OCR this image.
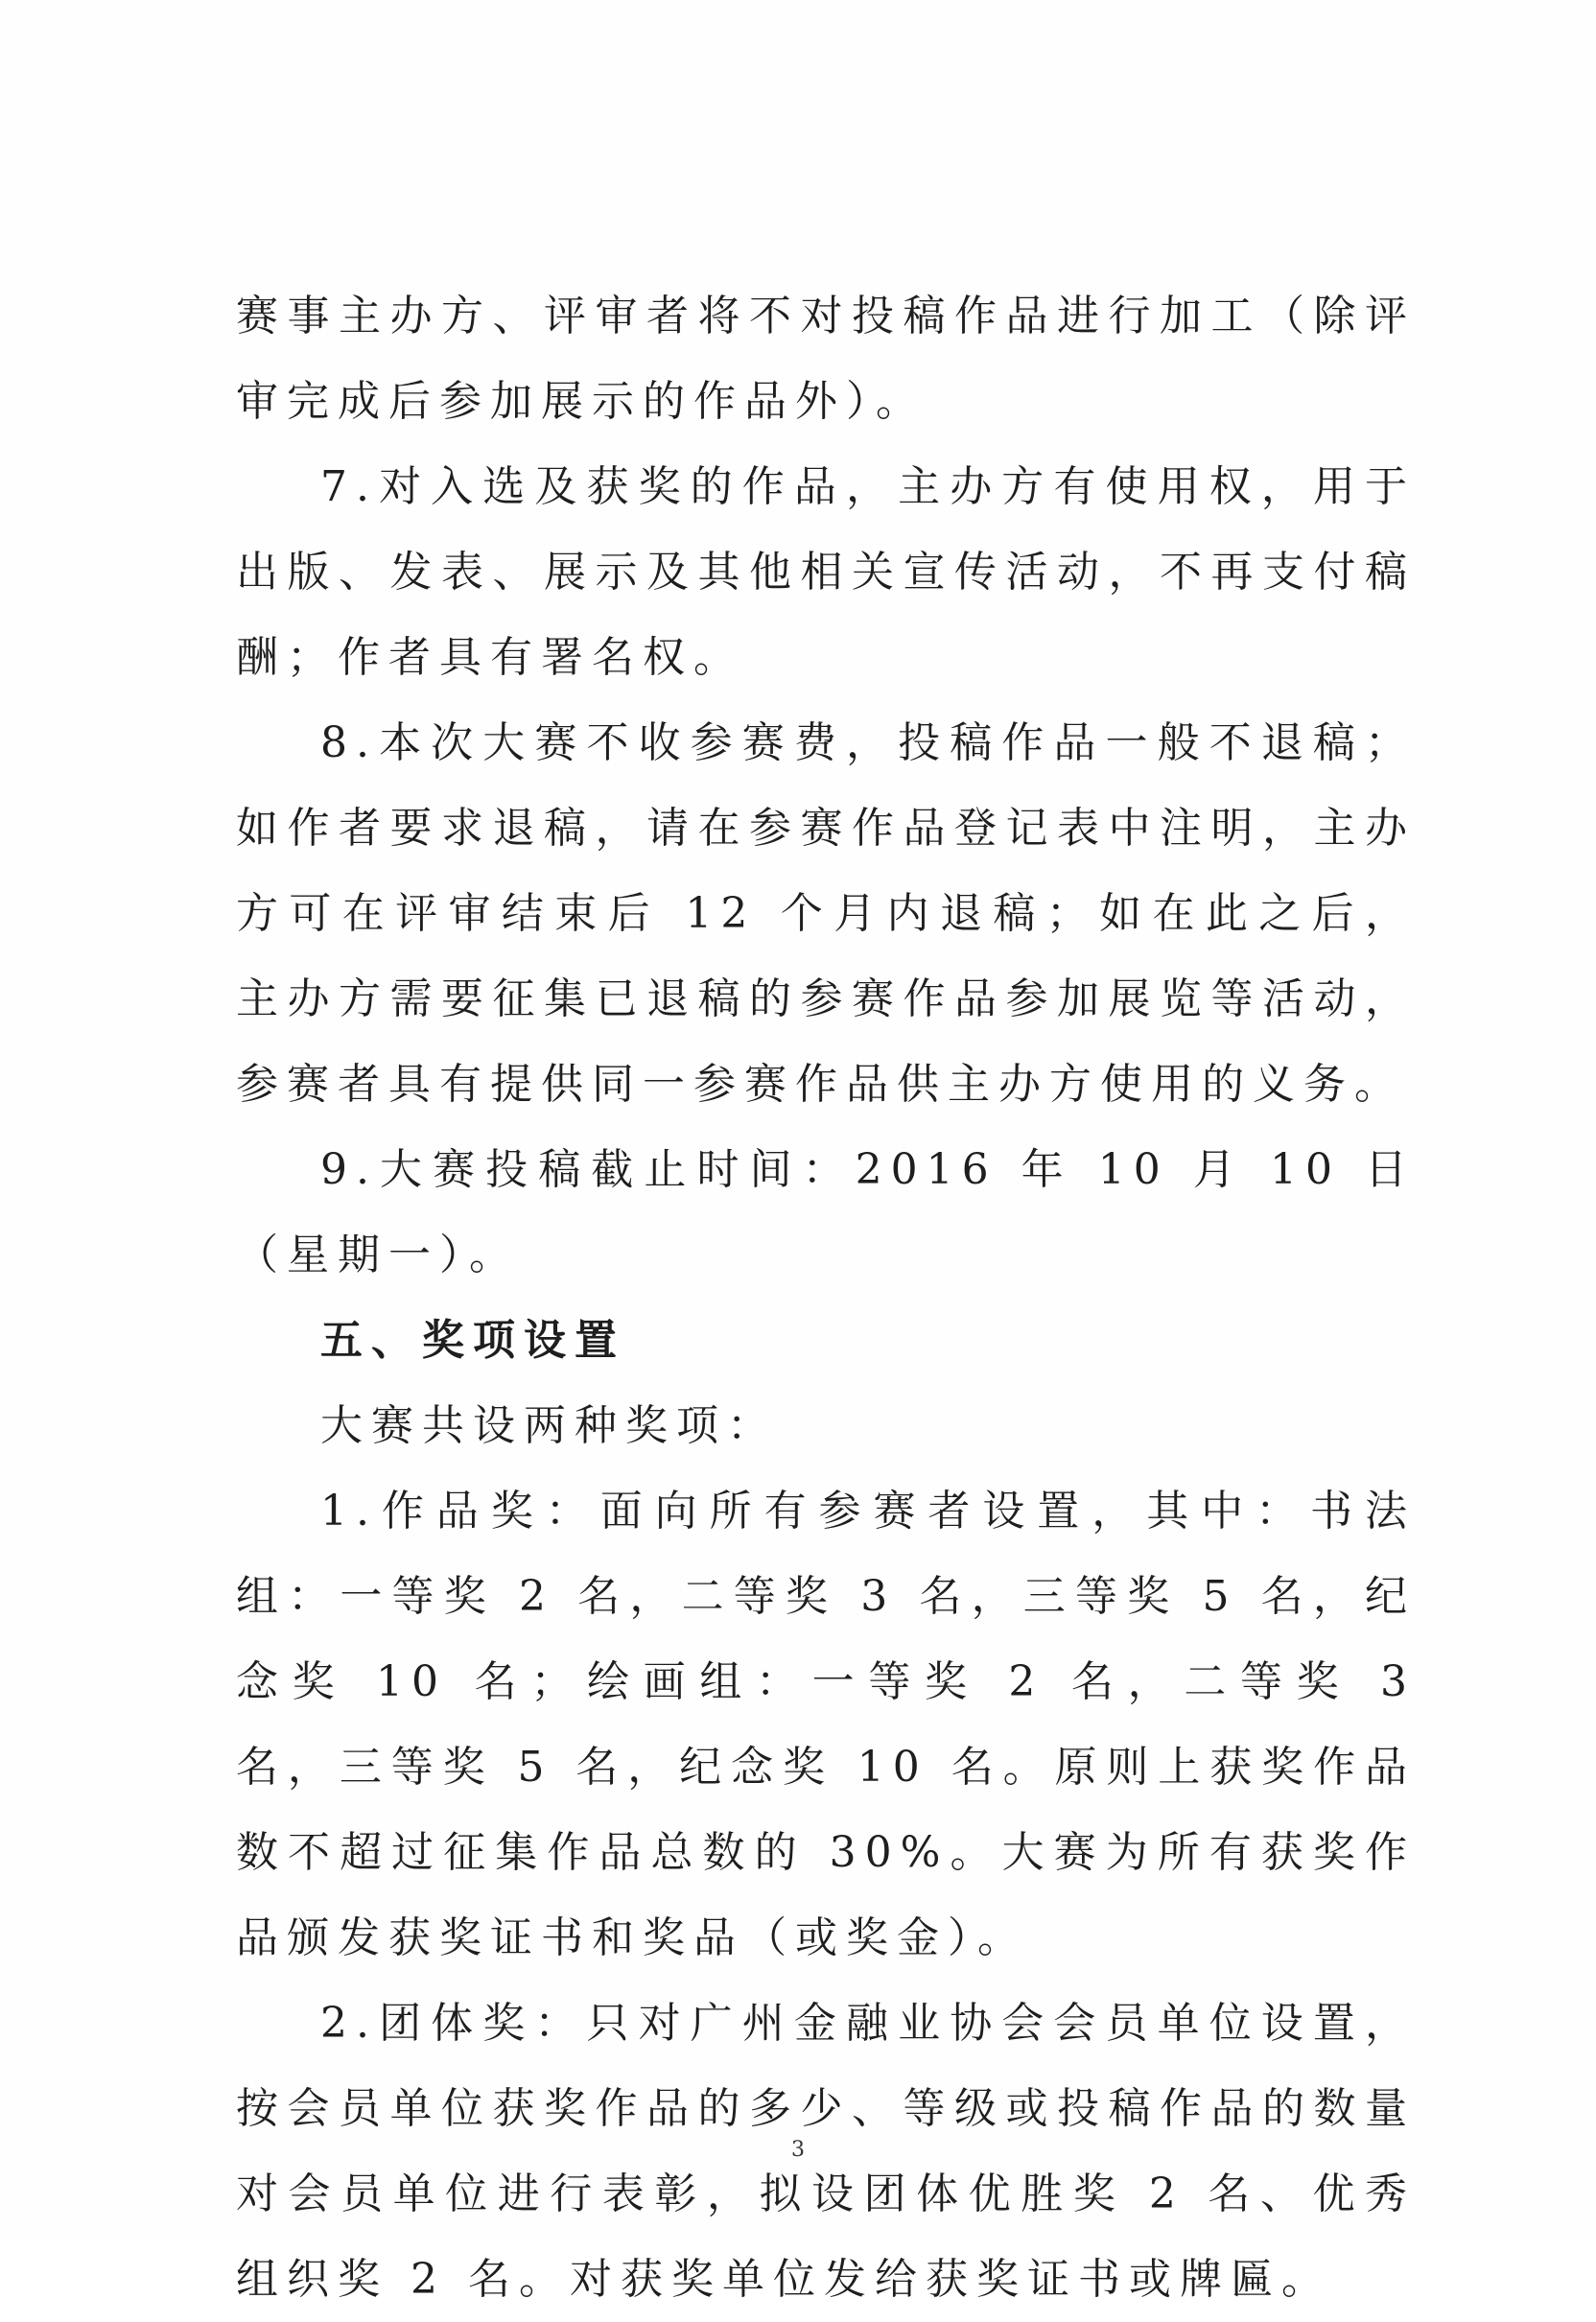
赛事主办方、评审者将不对投稿作品进行加工（除评审完成后参加展示的作品外）。

7.对入选及获奖的作品，主办方有使用权，用于出版、发表、展示及其他相关宣传活动，不再支付稿酬；作者具有署名权。

8.本次大赛不收参赛费，投稿作品一般不退稿；如作者要求退稿，请在参赛作品登记表中注明，主办方可在评审结束后 12 个月内退稿；如在此之后，主办方需要征集已退稿的参赛作品参加展览等活动，参赛者具有提供同一参赛作品供主办方使用的义务。

9.大赛投稿截止时间：2016 年 10 月 10 日（星期一）。

五、奖项设置

大赛共设两种奖项：

1.作品奖：面向所有参赛者设置，其中：书法组：一等奖 2 名，二等奖 3 名，三等奖 5 名，纪念奖 10 名；绘画组：一等奖 2 名，二等奖 3 名，三等奖 5 名，纪念奖 10 名。原则上获奖作品数不超过征集作品总数的 30%。大赛为所有获奖作品颁发获奖证书和奖品（或奖金）。

2.团体奖：只对广州金融业协会会员单位设置，按会员单位获奖作品的多少、等级或投稿作品的数量对会员单位进行表彰，拟设团体优胜奖 2 名、优秀组织奖 2 名。对获奖单位发给获奖证书或牌匾。

3
